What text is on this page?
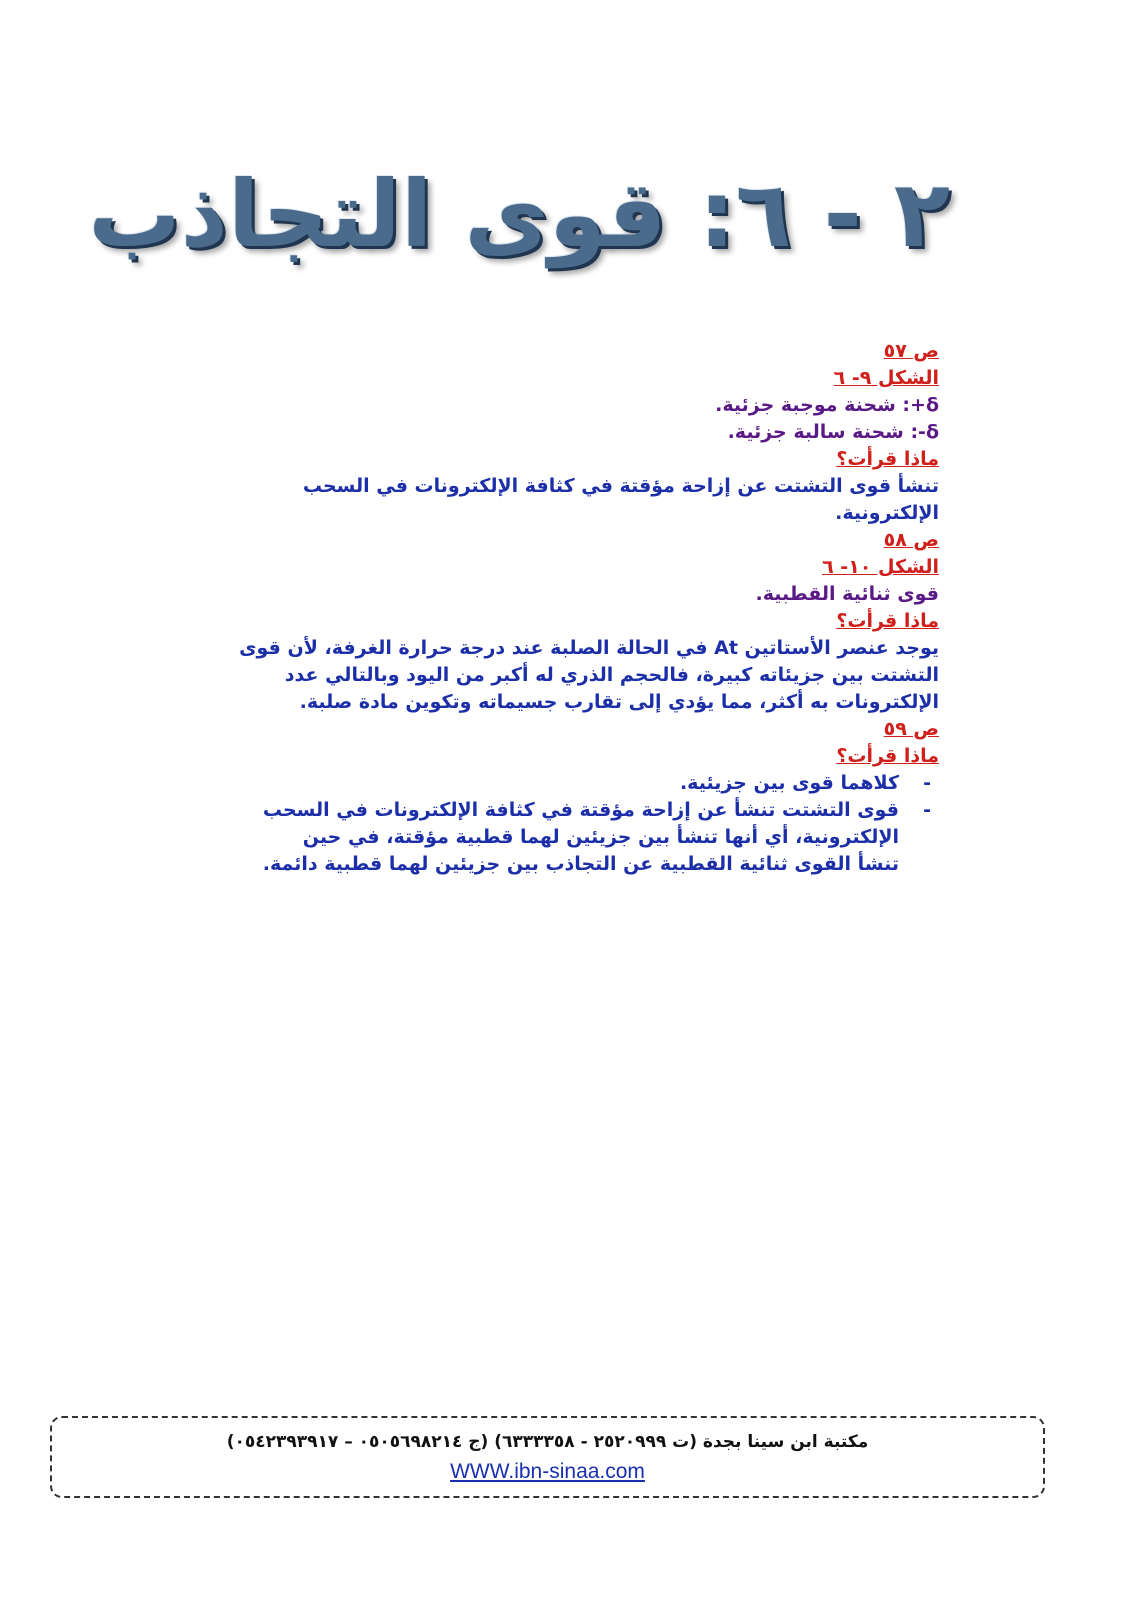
٢ - ٦: قوى التجاذب
ص ٥٧
الشكل ٩- ٦
δ+: شحنة موجبة جزئية.
δ-: شحنة سالبة جزئية.
ماذا قرأت؟
تنشأ قوى التشتت عن إزاحة مؤقتة في كثافة الإلكترونات في السحب الإلكترونية.
ص ٥٨
الشكل ١٠- ٦
قوى ثنائية القطبية.
ماذا قرأت؟
يوجد عنصر الأستاتين At في الحالة الصلبة عند درجة حرارة الغرفة، لأن قوى التشتت بين جزيئاته كبيرة، فالحجم الذري له أكبر من اليود وبالتالي عدد الإلكترونات به أكثر، مما يؤدي إلى تقارب جسيماته وتكوين مادة صلبة.
ص ٥٩
ماذا قرأت؟
-
كلاهما قوى بين جزيئية.
-
قوى التشتت تنشأ عن إزاحة مؤقتة في كثافة الإلكترونات في السحب الإلكترونية، أي أنها تنشأ بين جزيئين لهما قطبية مؤقتة، في حين تنشأ القوى ثنائية القطبية عن التجاذب بين جزيئين لهما قطبية دائمة.
مكتبة ابن سينا بجدة (ت ٢٥٢٠٩٩٩ - ٦٣٣٣٣٥٨) (ج ٠٥٠٥٦٩٨٢١٤ – ٠٥٤٢٣٩٣٩١٧)
WWW.ibn-sinaa.com
